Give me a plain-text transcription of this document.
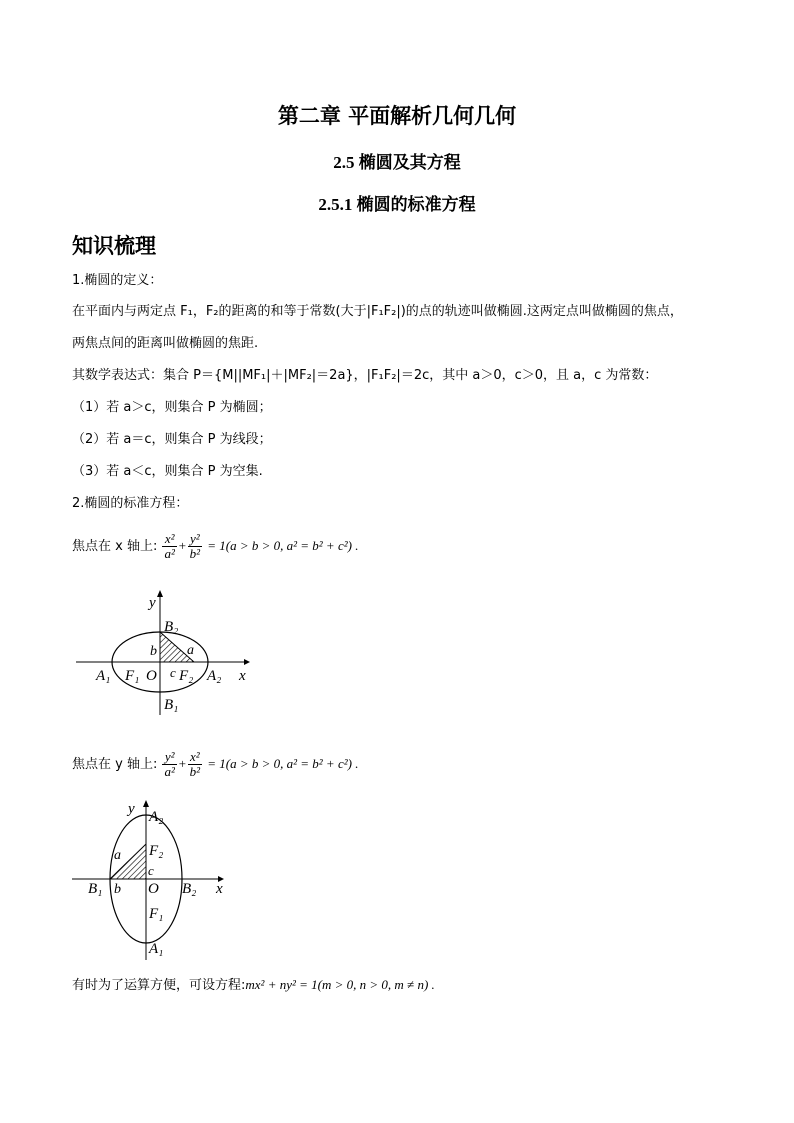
第二章 平面解析几何几何
2.5 椭圆及其方程
2.5.1 椭圆的标准方程
知识梳理
1.椭圆的定义：
在平面内与两定点 F₁，F₂的距离的和等于常数(大于|F₁F₂|)的点的轨迹叫做椭圆.这两定点叫做椭圆的焦点，
两焦点间的距离叫做椭圆的焦距.
其数学表达式：集合 P＝{M||MF₁|＋|MF₂|＝2a}，|F₁F₂|＝2c，其中 a＞0，c＞0，且 a，c 为常数：
（1）若 a＞c，则集合 P 为椭圆；
（2）若 a＝c，则集合 P 为线段；
（3）若 a＜c，则集合 P 为空集.
2.椭圆的标准方程：
焦点在 x 轴上: $\frac{\text{x²}}{\text{a²}} + \frac{\text{y²}}{\text{b²}} = 1(a > b > 0$, a² = b² + c²) .
y
x
B₂
B₁
A₁	A₂
F₁	F₂
O
a
b
c
焦点在 y 轴上: $\frac{\text{y²}}{\text{a²}} + \frac{\text{x²}}{\text{b²}} = 1(a > b > 0$, a² = b² + c²) .
y
x
A₂
A₁
B₁	B₂
F₂
F₁
O
a
b
c
有时为了运算方便，可设方程:mx² + ny² = 1(m > 0, n > 0, m ≠ n) .
